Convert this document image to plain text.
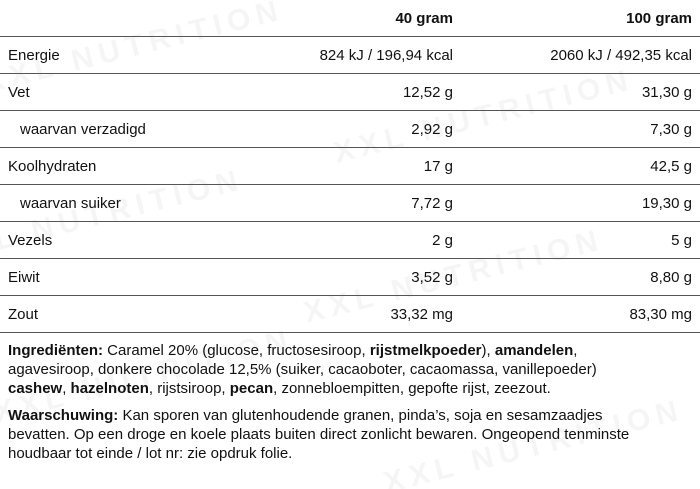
	40 gram	100 gram
Energie	824 kJ / 196,94 kcal	2060 kJ / 492,35 kcal
Vet	12,52 g	31,30 g
waarvan verzadigd	2,92 g	7,30 g
Koolhydraten	17 g	42,5 g
waarvan suiker	7,72 g	19,30 g
Vezels	2 g	5 g
Eiwit	3,52 g	8,80 g
Zout	33,32 mg	83,30 mg

Ingrediënten: Caramel 20% (glucose, fructosesiroop, rijstmelkpoeder), amandelen,
agavesiroop, donkere chocolade 12,5% (suiker, cacaoboter, cacaomassa, vanillepoeder)
cashew, hazelnoten, rijstsiroop, pecan, zonnebloempitten, gepofte rijst, zeezout.

Waarschuwing: Kan sporen van glutenhoudende granen, pinda’s, soja en sesamzaadjes
bevatten. Op een droge en koele plaats buiten direct zonlicht bewaren. Ongeopend tenminste
houdbaar tot einde / lot nr: zie opdruk folie.
